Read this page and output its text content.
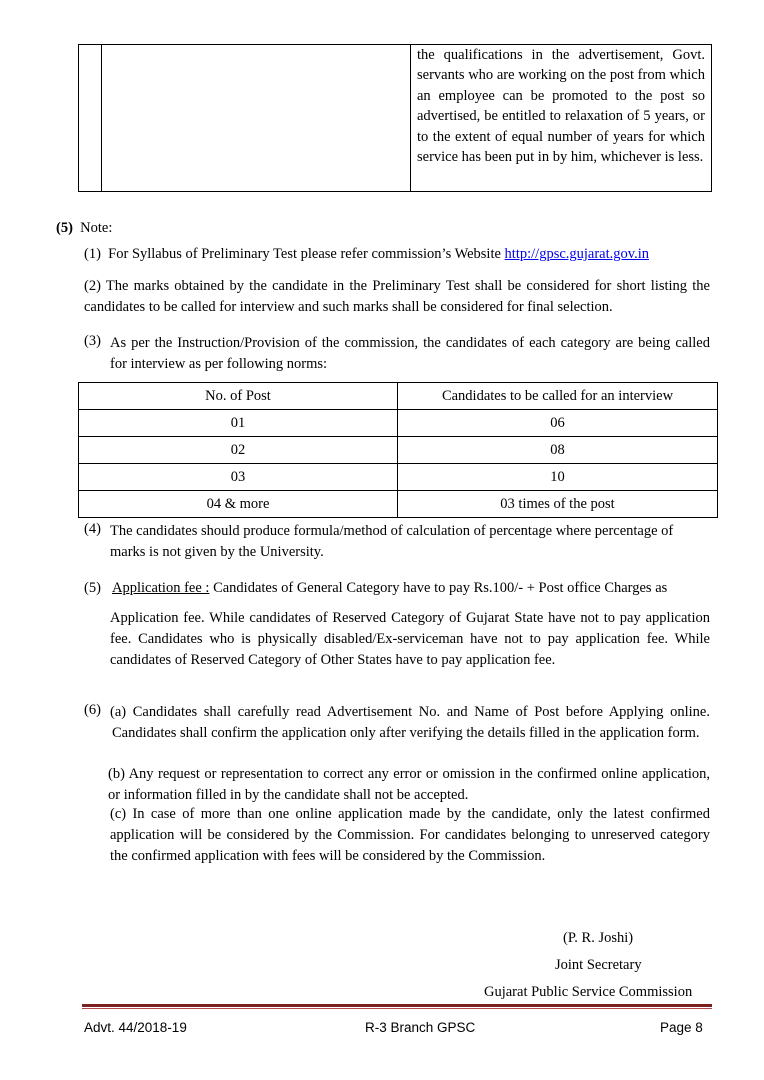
the qualifications in the advertisement, Govt. servants who are working on the post from which an employee can be promoted to the post so advertised, be entitled to relaxation of 5 years, or to the extent of equal number of years for which service has been put in by him, whichever is less.

(5) Note:
(1) For Syllabus of Preliminary Test please refer commission’s Website http://gpsc.gujarat.gov.in
(2) The marks obtained by the candidate in the Preliminary Test shall be considered for short listing the candidates to be called for interview and such marks shall be considered for final selection.
(3) As per the Instruction/Provision of the commission, the candidates of each category are being called for interview as per following norms:
No. of Post	Candidates to be called for an interview
01	06
02	08
03	10
04 & more	03 times of the post
(4) The candidates should produce formula/method of calculation of percentage where percentage of marks is not given by the University.
(5) Application fee : Candidates of General Category have to pay Rs.100/- + Post office Charges as
Application fee. While candidates of Reserved Category of Gujarat State have not to pay application fee. Candidates who is physically disabled/Ex-serviceman have not to pay application fee. While candidates of Reserved Category of Other States have to pay application fee.
(6) (a) Candidates shall carefully read Advertisement No. and Name of Post before Applying online. Candidates shall confirm the application only after verifying the details filled in the application form.
(b) Any request or representation to correct any error or omission in the confirmed online application, or information filled in by the candidate shall not be accepted.
(c) In case of more than one online application made by the candidate, only the latest confirmed application will be considered by the Commission. For candidates belonging to unreserved category the confirmed application with fees will be considered by the Commission.
(P. R. Joshi)
Joint Secretary
Gujarat Public Service Commission
Advt. 44/2018-19	R-3 Branch GPSC	Page 8
